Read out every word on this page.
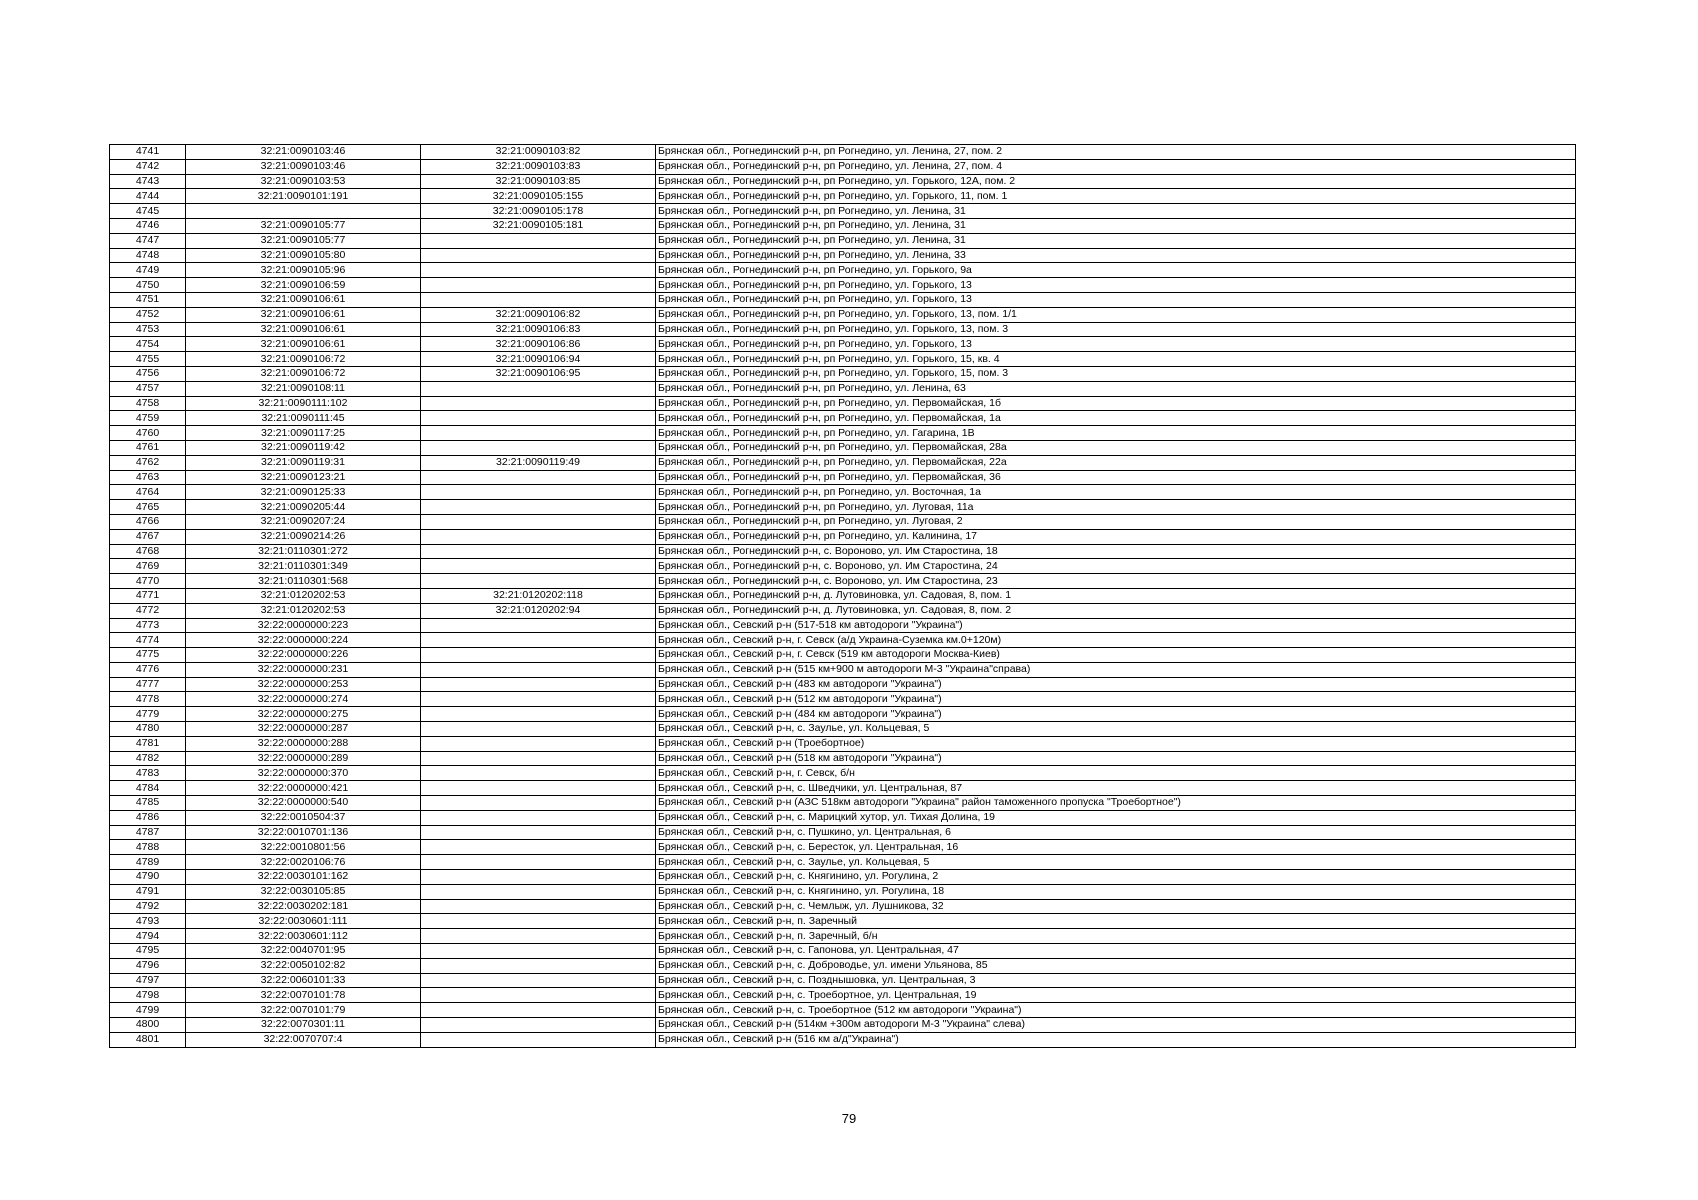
4741	32:21:0090103:46	32:21:0090103:82	Брянская обл., Рогнединский р-н, рп Рогнедино, ул. Ленина, 27, пом. 2
4742	32:21:0090103:46	32:21:0090103:83	Брянская обл., Рогнединский р-н, рп Рогнедино, ул. Ленина, 27, пом. 4
4743	32:21:0090103:53	32:21:0090103:85	Брянская обл., Рогнединский р-н, рп Рогнедино, ул. Горького, 12А, пом. 2
4744	32:21:0090101:191	32:21:0090105:155	Брянская обл., Рогнединский р-н, рп Рогнедино, ул. Горького, 11, пом. 1
4745		32:21:0090105:178	Брянская обл., Рогнединский р-н, рп Рогнедино, ул. Ленина, 31
4746	32:21:0090105:77	32:21:0090105:181	Брянская обл., Рогнединский р-н, рп Рогнедино, ул. Ленина, 31
4747	32:21:0090105:77		Брянская обл., Рогнединский р-н, рп Рогнедино, ул. Ленина, 31
4748	32:21:0090105:80		Брянская обл., Рогнединский р-н, рп Рогнедино, ул. Ленина, 33
4749	32:21:0090105:96		Брянская обл., Рогнединский р-н, рп Рогнедино, ул. Горького, 9а
4750	32:21:0090106:59		Брянская обл., Рогнединский р-н, рп Рогнедино, ул. Горького, 13
4751	32:21:0090106:61		Брянская обл., Рогнединский р-н, рп Рогнедино, ул. Горького, 13
4752	32:21:0090106:61	32:21:0090106:82	Брянская обл., Рогнединский р-н, рп Рогнедино, ул. Горького, 13, пом. 1/1
4753	32:21:0090106:61	32:21:0090106:83	Брянская обл., Рогнединский р-н, рп Рогнедино, ул. Горького, 13, пом. 3
4754	32:21:0090106:61	32:21:0090106:86	Брянская обл., Рогнединский р-н, рп Рогнедино, ул. Горького, 13
4755	32:21:0090106:72	32:21:0090106:94	Брянская обл., Рогнединский р-н, рп Рогнедино, ул. Горького, 15, кв. 4
4756	32:21:0090106:72	32:21:0090106:95	Брянская обл., Рогнединский р-н, рп Рогнедино, ул. Горького, 15, пом. 3
4757	32:21:0090108:11		Брянская обл., Рогнединский р-н, рп Рогнедино, ул. Ленина, 63
4758	32:21:0090111:102		Брянская обл., Рогнединский р-н, рп Рогнедино, ул. Первомайская, 1б
4759	32:21:0090111:45		Брянская обл., Рогнединский р-н, рп Рогнедино, ул. Первомайская, 1а
4760	32:21:0090117:25		Брянская обл., Рогнединский р-н, рп Рогнедино, ул. Гагарина, 1В
4761	32:21:0090119:42		Брянская обл., Рогнединский р-н, рп Рогнедино, ул. Первомайская, 28а
4762	32:21:0090119:31	32:21:0090119:49	Брянская обл., Рогнединский р-н, рп Рогнедино, ул. Первомайская, 22а
4763	32:21:0090123:21		Брянская обл., Рогнединский р-н, рп Рогнедино, ул. Первомайская, 36
4764	32:21:0090125:33		Брянская обл., Рогнединский р-н, рп Рогнедино, ул. Восточная, 1а
4765	32:21:0090205:44		Брянская обл., Рогнединский р-н, рп Рогнедино, ул. Луговая, 11а
4766	32:21:0090207:24		Брянская обл., Рогнединский р-н, рп Рогнедино, ул. Луговая, 2
4767	32:21:0090214:26		Брянская обл., Рогнединский р-н, рп Рогнедино, ул. Калинина, 17
4768	32:21:0110301:272		Брянская обл., Рогнединский р-н, с. Вороново, ул. Им Старостина, 18
4769	32:21:0110301:349		Брянская обл., Рогнединский р-н, с. Вороново, ул. Им Старостина, 24
4770	32:21:0110301:568		Брянская обл., Рогнединский р-н, с. Вороново, ул. Им Старостина, 23
4771	32:21:0120202:53	32:21:0120202:118	Брянская обл., Рогнединский р-н, д. Лутовиновка, ул. Садовая, 8, пом. 1
4772	32:21:0120202:53	32:21:0120202:94	Брянская обл., Рогнединский р-н, д. Лутовиновка, ул. Садовая, 8, пом. 2
4773	32:22:0000000:223		Брянская обл., Севский р-н (517-518 км автодороги "Украина")
4774	32:22:0000000:224		Брянская обл., Севский р-н, г. Севск (а/д Украина-Суземка км.0+120м)
4775	32:22:0000000:226		Брянская обл., Севский р-н, г. Севск (519 км автодороги Москва-Киев)
4776	32:22:0000000:231		Брянская обл., Севский р-н (515 км+900 м автодороги М-3 "Украина"справа)
4777	32:22:0000000:253		Брянская обл., Севский р-н (483 км автодороги "Украина")
4778	32:22:0000000:274		Брянская обл., Севский р-н (512 км автодороги "Украина")
4779	32:22:0000000:275		Брянская обл., Севский р-н (484 км автодороги "Украина")
4780	32:22:0000000:287		Брянская обл., Севский р-н, с. Заулье, ул. Кольцевая, 5
4781	32:22:0000000:288		Брянская обл., Севский р-н (Троебортное)
4782	32:22:0000000:289		Брянская обл., Севский р-н (518 км автодороги "Украина")
4783	32:22:0000000:370		Брянская обл., Севский р-н, г. Севск, б/н
4784	32:22:0000000:421		Брянская обл., Севский р-н, с. Шведчики, ул. Центральная, 87
4785	32:22:0000000:540		Брянская обл., Севский р-н (АЗС 518км автодороги "Украина" район таможенного пропуска "Троебортное")
4786	32:22:0010504:37		Брянская обл., Севский р-н, с. Марицкий хутор, ул. Тихая Долина, 19
4787	32:22:0010701:136		Брянская обл., Севский р-н, с. Пушкино, ул. Центральная, 6
4788	32:22:0010801:56		Брянская обл., Севский р-н, с. Береcток, ул. Центральная, 16
4789	32:22:0020106:76		Брянская обл., Севский р-н, с. Заулье, ул. Кольцевая, 5
4790	32:22:0030101:162		Брянская обл., Севский р-н, с. Княгинино, ул. Рогулина, 2
4791	32:22:0030105:85		Брянская обл., Севский р-н, с. Княгинино, ул. Рогулина, 18
4792	32:22:0030202:181		Брянская обл., Севский р-н, с. Чемлыж, ул. Лушникова, 32
4793	32:22:0030601:111		Брянская обл., Севский р-н, п. Заречный
4794	32:22:0030601:112		Брянская обл., Севский р-н, п. Заречный, б/н
4795	32:22:0040701:95		Брянская обл., Севский р-н, с. Гапонова, ул. Центральная, 47
4796	32:22:0050102:82		Брянская обл., Севский р-н, с. Доброводье, ул. имени Ульянова, 85
4797	32:22:0060101:33		Брянская обл., Севский р-н, с. Позднышовка, ул. Центральная, 3
4798	32:22:0070101:78		Брянская обл., Севский р-н, с. Троебортное, ул. Центральная, 19
4799	32:22:0070101:79		Брянская обл., Севский р-н, с. Троебортное (512 км автодороги "Украина")
4800	32:22:0070301:11		Брянская обл., Севский р-н (514км +300м автодороги М-3 "Украина" слева)
4801	32:22:0070707:4		Брянская обл., Севский р-н (516 км а/д"Украина")
79
